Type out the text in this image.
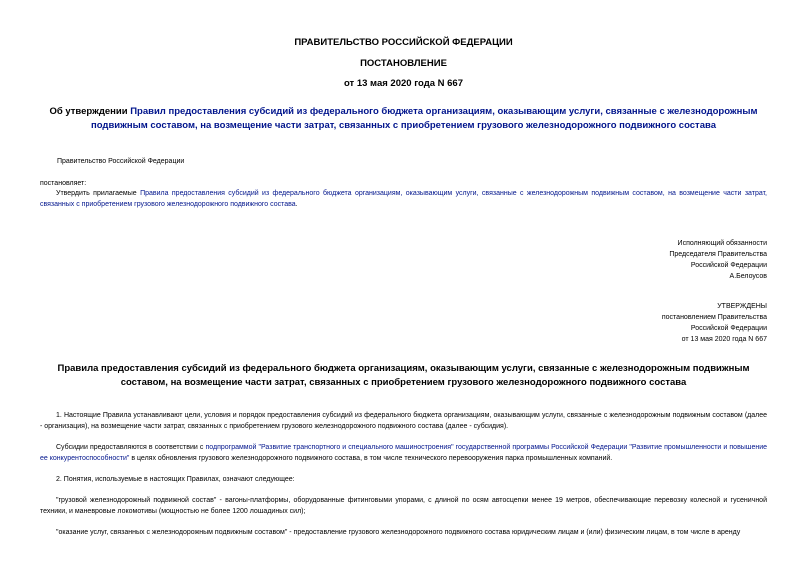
ПРАВИТЕЛЬСТВО РОССИЙСКОЙ ФЕДЕРАЦИИ
ПОСТАНОВЛЕНИЕ
от 13 мая 2020 года N 667
Об утверждении Правил предоставления субсидий из федерального бюджета организациям, оказывающим услуги, связанные с железнодорожным подвижным составом, на возмещение части затрат, связанных с приобретением грузового железнодорожного подвижного состава
Правительство Российской Федерации
постановляет:
Утвердить прилагаемые Правила предоставления субсидий из федерального бюджета организациям, оказывающим услуги, связанные с железнодорожным подвижным составом, на возмещение части затрат, связанных с приобретением грузового железнодорожного подвижного состава.
Исполняющий обязанности
Председателя Правительства
Российской Федерации
А.Белоусов
УТВЕРЖДЕНЫ
постановлением Правительства
Российской Федерации
от 13 мая 2020 года N 667
Правила предоставления субсидий из федерального бюджета организациям, оказывающим услуги, связанные с железнодорожным подвижным составом, на возмещение части затрат, связанных с приобретением грузового железнодорожного подвижного состава
1. Настоящие Правила устанавливают цели, условия и порядок предоставления субсидий из федерального бюджета организациям, оказывающим услуги, связанные с железнодорожным подвижным составом (далее - организация), на возмещение части затрат, связанных с приобретением грузового железнодорожного подвижного состава (далее - субсидия).
Субсидии предоставляются в соответствии с подпрограммой "Развитие транспортного и специального машиностроения" государственной программы Российской Федерации "Развитие промышленности и повышение ее конкурентоспособности" в целях обновления грузового железнодорожного подвижного состава, в том числе технического перевооружения парка промышленных компаний.
2. Понятия, используемые в настоящих Правилах, означают следующее:
"грузовой железнодорожный подвижной состав" - вагоны-платформы, оборудованные фитинговыми упорами, с длиной по осям автосцепки менее 19 метров, обеспечивающие перевозку колесной и гусеничной техники, и маневровые локомотивы (мощностью не более 1200 лошадиных сил);
"оказание услуг, связанных с железнодорожным подвижным составом" - предоставление грузового железнодорожного подвижного состава юридическим лицам и (или) физическим лицам, в том числе в аренду
